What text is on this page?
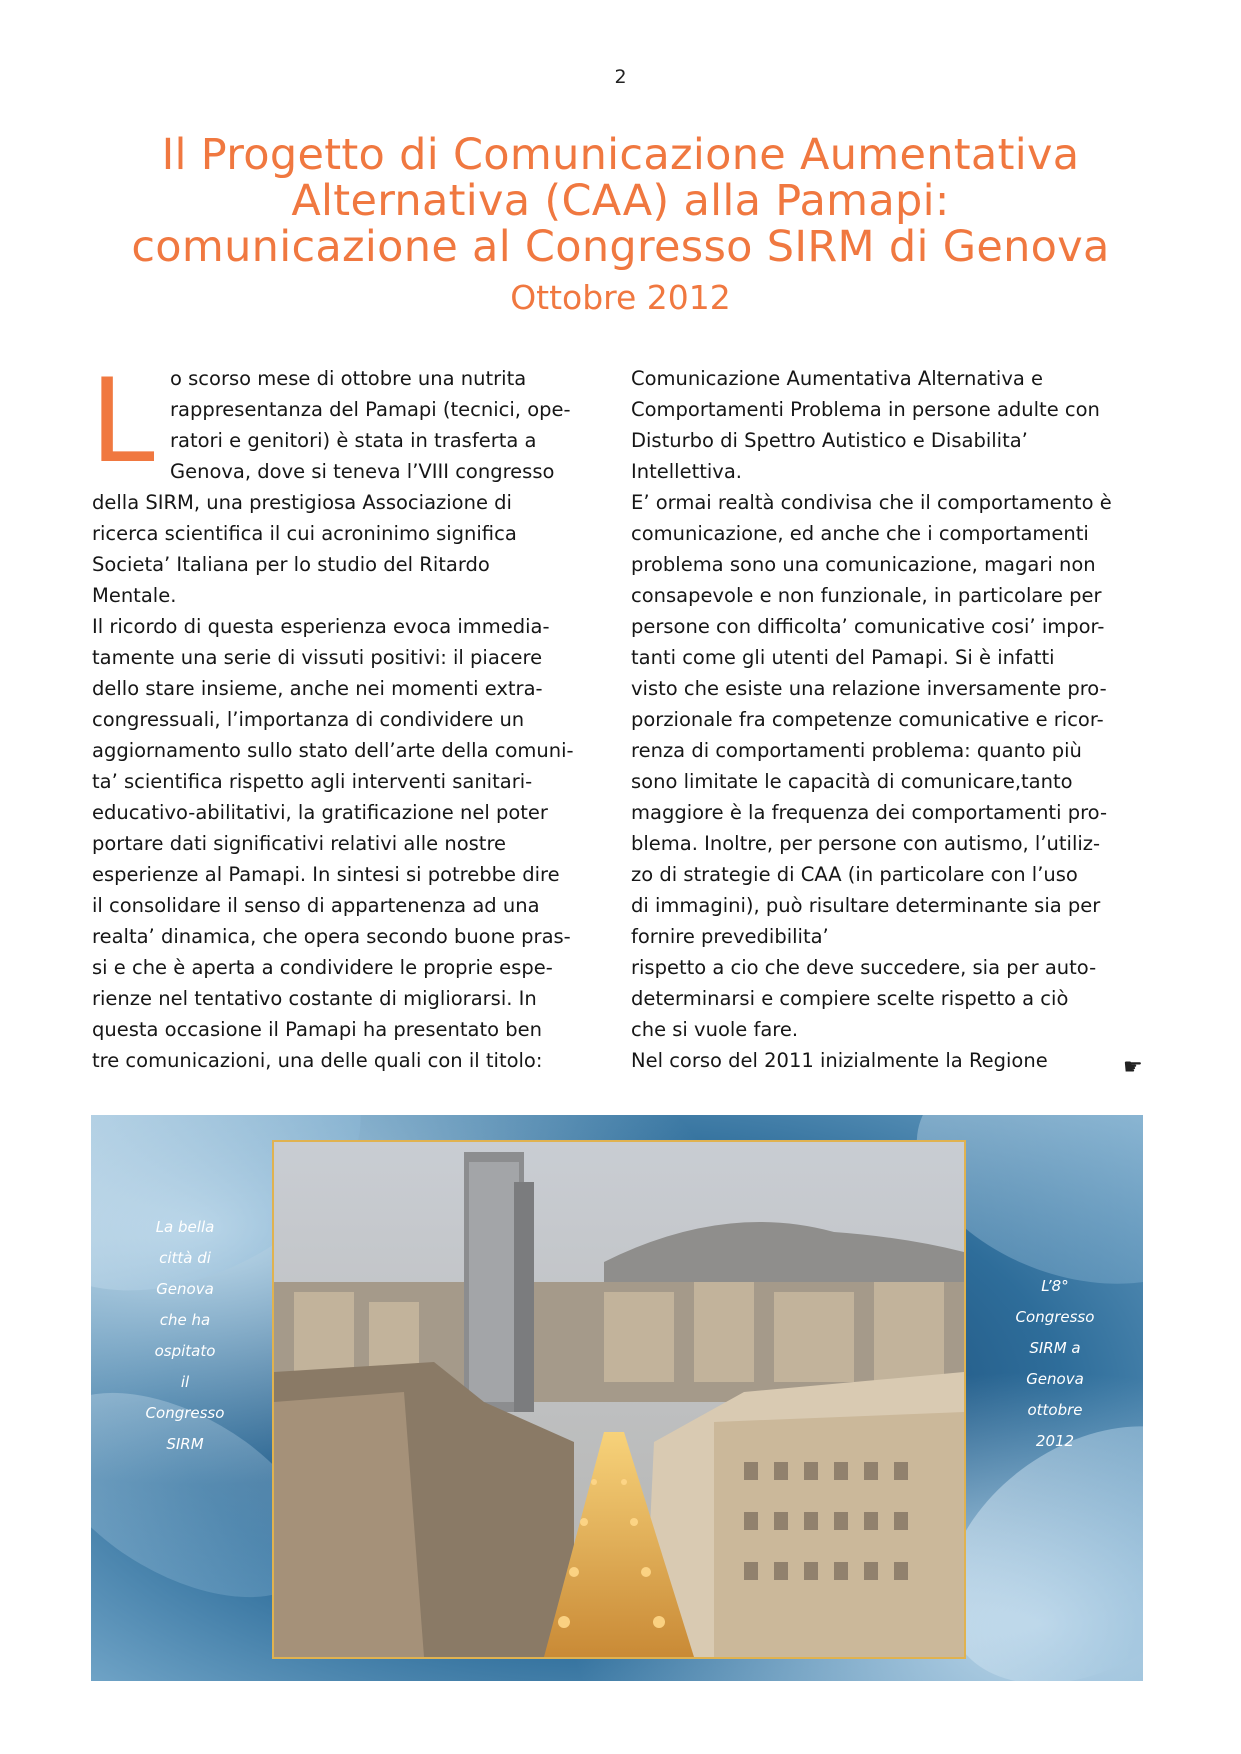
2
Il Progetto di Comunicazione Aumentativa
Alternativa (CAA) alla Pamapi:
comunicazione al Congresso SIRM di Genova
Ottobre 2012
L o scorso mese di ottobre una nutrita
rappresentanza del Pamapi (tecnici, ope-
ratori e genitori) è stata in trasferta a
Genova, dove si teneva l’VIII congresso
della SIRM, una prestigiosa Associazione di
ricerca scientifica il cui acroninimo significa
Societa’ Italiana per lo studio del Ritardo
Mentale.
Il ricordo di questa esperienza evoca immedia-
tamente una serie di vissuti positivi: il piacere
dello stare insieme, anche nei momenti extra-
congressuali, l’importanza di condividere un
aggiornamento sullo stato dell’arte della comuni-
ta’ scientifica rispetto agli interventi sanitari-
educativo-abilitativi, la gratificazione nel poter
portare dati significativi relativi alle nostre
esperienze al Pamapi. In sintesi si potrebbe dire
il consolidare il senso di appartenenza ad una
realta’ dinamica, che opera secondo buone pras-
si e che è aperta a condividere le proprie espe-
rienze nel tentativo costante di migliorarsi. In
questa occasione il Pamapi ha presentato ben
tre comunicazioni, una delle quali con il titolo:
Comunicazione Aumentativa Alternativa e
Comportamenti Problema in persone adulte con
Disturbo di Spettro Autistico e Disabilita’
Intellettiva.
E’ ormai realtà condivisa che il comportamento è
comunicazione, ed anche che i comportamenti
problema sono una comunicazione, magari non
consapevole e non funzionale, in particolare per
persone con difficolta’ comunicative cosi’ impor-
tanti come gli utenti del Pamapi. Si è infatti
visto che esiste una relazione inversamente pro-
porzionale fra competenze comunicative e ricor-
renza di comportamenti problema: quanto più
sono limitate le capacità di comunicare,tanto
maggiore è la frequenza dei comportamenti pro-
blema. Inoltre, per persone con autismo, l’utiliz-
zo di strategie di CAA (in particolare con l’uso
di immagini), può risultare determinante sia per
fornire prevedibilita’
rispetto a cio che deve succedere, sia per auto-
determinarsi e compiere scelte rispetto a ciò
che si vuole fare.
Nel corso del 2011 inizialmente la Regione	☛
La bella
città di
Genova
che ha
ospitato
il
Congresso
SIRM
L’8°
Congresso
SIRM a
Genova
ottobre
2012
